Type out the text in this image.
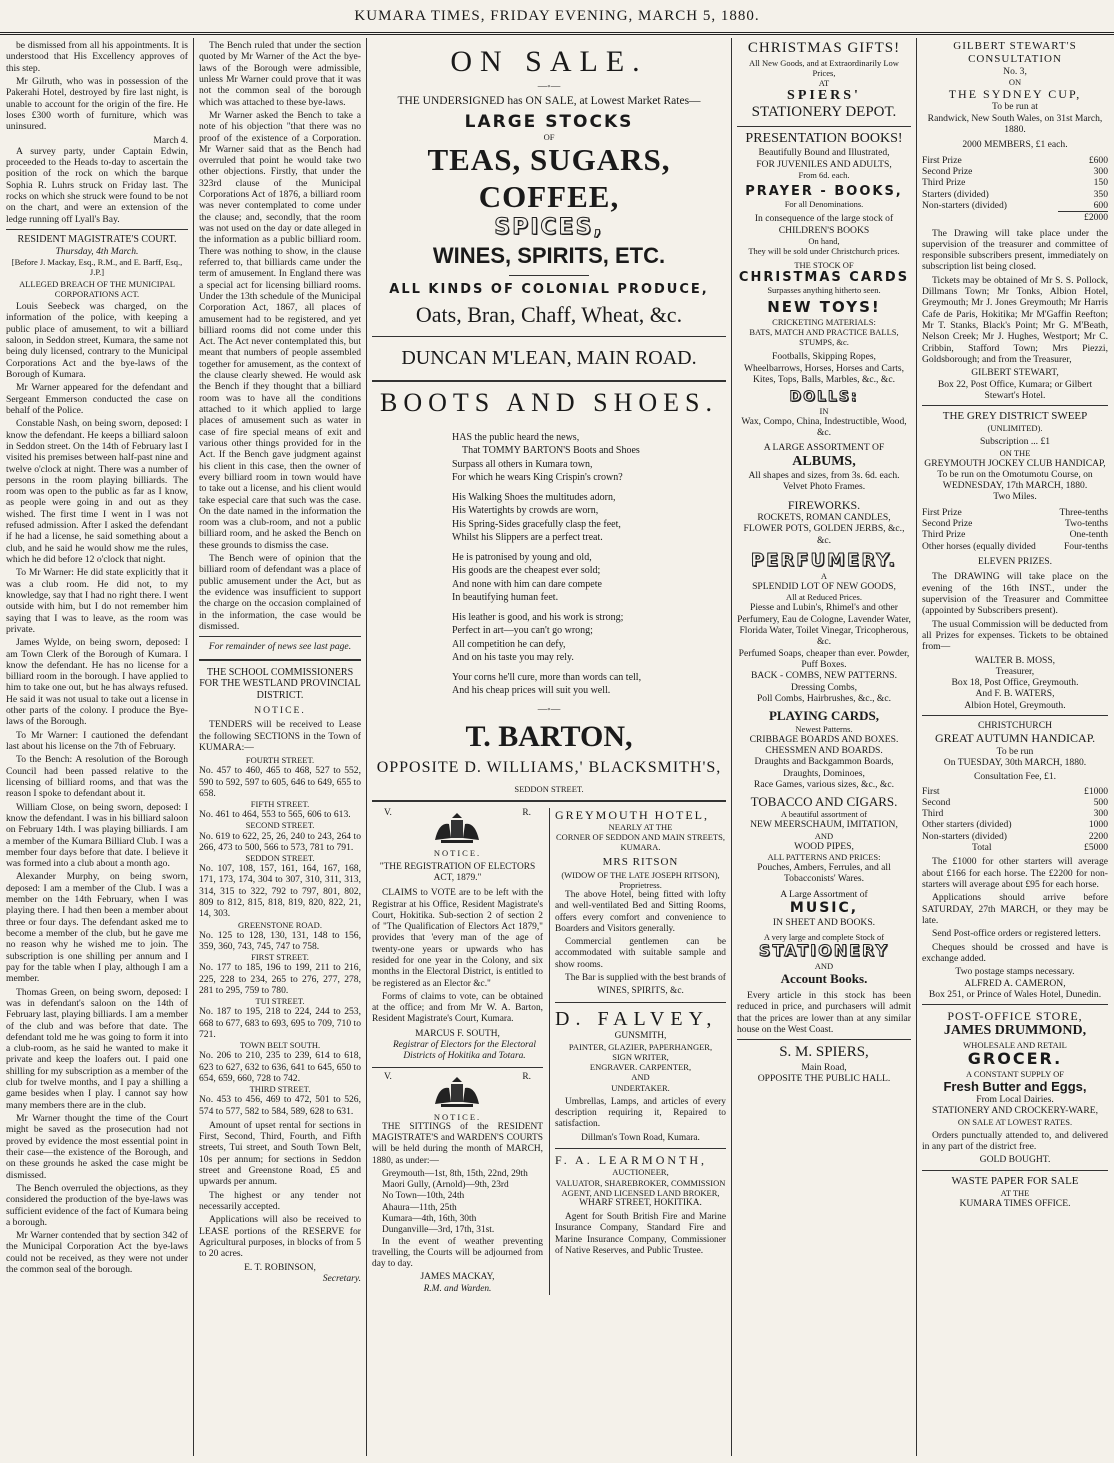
KUMARA TIMES, FRIDAY EVENING, MARCH 5, 1880.

be dismissed from all his appointments. It is understood that His Excellency approves of this step.

Mr Gilruth, who was in possession of the Pakerahi Hotel, destroyed by fire last night, is unable to account for the origin of the fire. He loses £300 worth of furniture, which was uninsured.

March 4.

A survey party, under Captain Edwin, proceeded to the Heads to-day to ascertain the position of the rock on which the barque Sophia R. Luhrs struck on Friday last. The rocks on which she struck were found to be not on the chart, and were an extension of the ledge running off Lyall's Bay.

RESIDENT MAGISTRATE'S COURT.
Thursday, 4th March.
[Before J. Mackay, Esq., R.M., and E. Barff, Esq., J.P.]
ALLEGED BREACH OF THE MUNICIPAL CORPORATIONS ACT.

Louis Seebeck was charged, on the information of the police, with keeping a public place of amusement, to wit a billiard saloon, in Seddon street, Kumara, the same not being duly licensed, contrary to the Municipal Corporations Act and the bye-laws of the Borough of Kumara.

Mr Warner appeared for the defendant and Sergeant Emmerson conducted the case on behalf of the Police.

Constable Nash, on being sworn, deposed: I know the defendant. He keeps a billiard saloon in Seddon street. On the 14th of February last I visited his premises between half-past nine and twelve o'clock at night. There was a number of persons in the room playing billiards. The room was open to the public as far as I know, as people were going in and out as they wished. The first time I went in I was not refused admission. After I asked the defendant if he had a license, he said something about a club, and he said he would show me the rules, which he did before 12 o'clock that night.

To Mr Warner: He did state explicitly that it was a club room. He did not, to my knowledge, say that I had no right there. I went outside with him, but I do not remember him saying that I was to leave, as the room was private.

James Wylde, on being sworn, deposed: I am Town Clerk of the Borough of Kumara. I know the defendant. He has no license for a billiard room in the borough. I have applied to him to take one out, but he has always refused. He said it was not usual to take out a license in other parts of the colony. I produce the Bye-laws of the Borough.

To Mr Warner: I cautioned the defendant last about his license on the 7th of February.

To the Bench: A resolution of the Borough Council had been passed relative to the licensing of billiard rooms, and that was the reason I spoke to defendant about it.

William Close, on being sworn, deposed: I know the defendant. I was in his billiard saloon on February 14th. I was playing billiards. I am a member of the Kumara Billiard Club. I was a member four days before that date. I believe it was formed into a club about a month ago.

Alexander Murphy, on being sworn, deposed: I am a member of the Club. I was a member on the 14th February, when I was playing there. I had then been a member about three or four days. The defendant asked me to become a member of the club, but he gave me no reason why he wished me to join. The subscription is one shilling per annum and I pay for the table when I play, although I am a member.

Thomas Green, on being sworn, deposed: I was in defendant's saloon on the 14th of February last, playing billiards. I am a member of the club and was before that date. The defendant told me he was going to form it into a club-room, as he said he wanted to make it private and keep the loafers out. I paid one shilling for my subscription as a member of the club for twelve months, and I pay a shilling a game besides when I play. I cannot say how many members there are in the club.

Mr Warner thought the time of the Court might be saved as the prosecution had not proved by evidence the most essential point in their case—the existence of the Borough, and on these grounds he asked the case might be dismissed.

The Bench overruled the objections, as they considered the production of the bye-laws was sufficient evidence of the fact of Kumara being a borough.

Mr Warner contended that by section 342 of the Municipal Corporation Act the bye-laws could not be received, as they were not under the common seal of the borough.

The Bench ruled that under the section quoted by Mr Warner of the Act the bye-laws of the Borough were admissible, unless Mr Warner could prove that it was not the common seal of the borough which was attached to these bye-laws.

Mr Warner asked the Bench to take a note of his objection "that there was no proof of the existence of a Corporation. Mr Warner said that as the Bench had overruled that point he would take two other objections. Firstly, that under the 323rd clause of the Municipal Corporations Act of 1876, a billiard room was never contemplated to come under the clause; and, secondly, that the room was not used on the day or date alleged in the information as a public billiard room. There was nothing to show, in the clause referred to, that billiards came under the term of amusement. In England there was a special act for licensing billiard rooms. Under the 13th schedule of the Municipal Corporation Act, 1867, all places of amusement had to be registered, and yet billiard rooms did not come under this Act. The Act never contemplated this, but meant that numbers of people assembled together for amusement, as the context of the clause clearly shewed. He would ask the Bench if they thought that a billiard room was to have all the conditions attached to it which applied to large places of amusement such as water in case of fire special means of exit and various other things provided for in the Act. If the Bench gave judgment against his client in this case, then the owner of every billiard room in town would have to take out a license, and his client would take especial care that such was the case. On the date named in the information the room was a club-room, and not a public billiard room, and he asked the Bench on these grounds to dismiss the case.

The Bench were of opinion that the billiard room of defendant was a place of public amusement under the Act, but as the evidence was insufficient to support the charge on the occasion complained of in the information, the case would be dismissed.

For remainder of news see last page.
THE SCHOOL COMMISSIONERS FOR THE WESTLAND PROVINCIAL DISTRICT.
NOTICE.

TENDERS will be received to Lease the following SECTIONS in the Town of KUMARA:—

FOURTH STREET.
No. 457 to 460, 465 to 468, 527 to 552, 590 to 592, 597 to 605, 646 to 649, 655 to 658.
FIFTH STREET.
No. 461 to 464, 553 to 565, 606 to 613.
SECOND STREET.
No. 619 to 622, 25, 26, 240 to 243, 264 to 266, 473 to 500, 566 to 573, 781 to 791.
SEDDON STREET.
No. 107, 108, 157, 161, 164, 167, 168, 171, 173, 174, 304 to 307, 310, 311, 313, 314, 315 to 322, 792 to 797, 801, 802, 809 to 812, 815, 818, 819, 820, 822, 21, 14, 303.
GREENSTONE ROAD.
No. 125 to 128, 130, 131, 148 to 156, 359, 360, 743, 745, 747 to 758.
FIRST STREET.
No. 177 to 185, 196 to 199, 211 to 216, 225, 228 to 234, 265 to 276, 277, 278, 281 to 295, 759 to 780.
TUI STREET.
No. 187 to 195, 218 to 224, 244 to 253, 668 to 677, 683 to 693, 695 to 709, 710 to 721.
TOWN BELT SOUTH.
No. 206 to 210, 235 to 239, 614 to 618, 623 to 627, 632 to 636, 641 to 645, 650 to 654, 659, 660, 728 to 742.
THIRD STREET.
No. 453 to 456, 469 to 472, 501 to 526, 574 to 577, 582 to 584, 589, 628 to 631.

Amount of upset rental for sections in First, Second, Third, Fourth, and Fifth streets, Tui street, and South Town Belt, 10s per annum; for sections in Seddon street and Greenstone Road, £5 and upwards per annum.

The highest or any tender not necessarily accepted.

Applications will also be received to LEASE portions of the RESERVE for Agricultural purposes, in blocks of from 5 to 20 acres.

E. T. ROBINSON,
Secretary.
ON SALE.
—◦—
THE UNDERSIGNED has ON SALE, at Lowest Market Rates—
LARGE STOCKS
OF
TEAS, SUGARS, COFFEE,
SPICES,
WINES, SPIRITS, ETC.
ALL KINDS OF COLONIAL PRODUCE,
Oats, Bran, Chaff, Wheat, &c.
DUNCAN M'LEAN, MAIN ROAD.
BOOTS AND SHOES.
HAS the public heard the news,
That TOMMY BARTON'S Boots and Shoes
Surpass all others in Kumara town,
For which he wears King Crispin's crown?
His Walking Shoes the multitudes adorn,
His Watertights by crowds are worn,
His Spring-Sides gracefully clasp the feet,
Whilst his Slippers are a perfect treat.
He is patronised by young and old,
His goods are the cheapest ever sold;
And none with him can dare compete
In beautifying human feet.
His leather is good, and his work is strong;
Perfect in art—you can't go wrong;
All competition he can defy,
And on his taste you may rely.
Your corns he'll cure, more than words can tell,
And his cheap prices will suit you well.
—◦—
T. BARTON,
OPPOSITE D. WILLIAMS,' BLACKSMITH'S,
SEDDON STREET.
V.	R.
NOTICE.
"THE REGISTRATION OF ELECTORS ACT, 1879."

CLAIMS to VOTE are to be left with the Registrar at his Office, Resident Magistrate's Court, Hokitika. Sub-section 2 of section 2 of "The Qualification of Electors Act 1879," provides that 'every man of the age of twenty-one years or upwards who has resided for one year in the Colony, and six months in the Electoral District, is entitled to be registered as an Elector &c."

Forms of claims to vote, can be obtained at the office; and from Mr W. A. Barton, Resident Magistrate's Court, Kumara.

MARCUS F. SOUTH,
Registrar of Electors for the Electoral Districts of Hokitika and Totara.
V.	R.
NOTICE.

THE SITTINGS of the RESIDENT MAGISTRATE'S and WARDEN'S COURTS will be held during the month of MARCH, 1880, as under:—

Greymouth—1st, 8th, 15th, 22nd, 29th
Maori Gully, (Arnold)—9th, 23rd
No Town—10th, 24th
Ahaura—11th, 25th
Kumara—4th, 16th, 30th
Dunganville—3rd, 17th, 31st.

In the event of weather preventing travelling, the Courts will be adjourned from day to day.

JAMES MACKAY,
R.M. and Warden.
GREYMOUTH HOTEL,
NEARLY AT THE
CORNER OF SEDDON AND MAIN STREETS, KUMARA.
MRS RITSON
(WIDOW OF THE LATE JOSEPH RITSON), Proprietress.

The above Hotel, being fitted with lofty and well-ventilated Bed and Sitting Rooms, offers every comfort and convenience to Boarders and Visitors generally.

Commercial gentlemen can be accommodated with suitable sample and show rooms.

The Bar is supplied with the best brands of

WINES, SPIRITS, &c.
D. FALVEY,
GUNSMITH,
PAINTER, GLAZIER, PAPERHANGER,
SIGN WRITER,
ENGRAVER. CARPENTER,
AND
UNDERTAKER.

Umbrellas, Lamps, and articles of every description requiring it, Repaired to satisfaction.

Dillman's Town Road, Kumara.
F. A. LEARMONTH,
AUCTIONEER,
VALUATOR, SHAREBROKER, COMMISSION AGENT, AND LICENSED LAND BROKER,
WHARF STREET, HOKITIKA.

Agent for South British Fire and Marine Insurance Company, Standard Fire and Marine Insurance Company, Commissioner of Native Reserves, and Public Trustee.

CHRISTMAS GIFTS!
All New Goods, and at Extraordinarily Low Prices,
AT
SPIERS'
STATIONERY DEPOT.
PRESENTATION BOOKS!
Beautifully Bound and Illustrated,
FOR JUVENILES AND ADULTS,
From 6d. each.
PRAYER - BOOKS,
For all Denominations.
In consequence of the large stock of
CHILDREN'S BOOKS
On hand,
They will be sold under Christchurch prices.
THE STOCK OF
CHRISTMAS CARDS
Surpasses anything hitherto seen.
NEW TOYS!
CRICKETING MATERIALS:
BATS, MATCH AND PRACTICE BALLS, STUMPS, &c.
Footballs, Skipping Ropes,
Wheelbarrows, Horses, Horses and Carts,
Kites, Tops, Balls, Marbles, &c., &c.
DOLLS:
IN
Wax, Compo, China, Indestructible, Wood, &c.
A LARGE ASSORTMENT OF
ALBUMS,
All shapes and sizes, from 3s. 6d. each. Velvet Photo Frames.
FIREWORKS.
ROCKETS, ROMAN CANDLES, FLOWER POTS, GOLDEN JERBS, &c., &c.
PERFUMERY.
A
SPLENDID LOT OF NEW GOODS,
All at Reduced Prices.
Piesse and Lubin's, Rhimel's and other Perfumery, Eau de Cologne, Lavender Water, Florida Water, Toilet Vinegar, Tricopherous, &c.
Perfumed Soaps, cheaper than ever. Powder, Puff Boxes.
BACK - COMBS, NEW PATTERNS.
Dressing Combs,
Poll Combs, Hairbrushes, &c., &c.
PLAYING CARDS,
Newest Patterns.
CRIBBAGE BOARDS AND BOXES.
CHESSMEN AND BOARDS.
Draughts and Backgammon Boards, Draughts, Dominoes,
Race Games, various sizes, &c., &c.
TOBACCO AND CIGARS.
A beautiful assortment of
NEW MEERSCHAUM, IMITATION,
AND
WOOD PIPES,
ALL PATTERNS AND PRICES:
Pouches, Ambers, Ferrules, and all Tobacconists' Wares.
A Large Assortment of
MUSIC,
IN SHEET AND BOOKS.
A very large and complete Stock of
STATIONERY
AND
Account Books.

Every article in this stock has been reduced in price, and purchasers will admit that the prices are lower than at any similar house on the West Coast.

S. M. SPIERS,
Main Road,
OPPOSITE THE PUBLIC HALL.
GILBERT STEWART'S CONSULTATION
No. 3,
ON
THE SYDNEY CUP,
To be run at
Randwick, New South Wales, on 31st March, 1880.
2000 MEMBERS, £1 each.
First Prize	£600
Second Prize	300
Third Prize	150
Starters (divided)	350
Non-starters (divided)	600
£2000

The Drawing will take place under the supervision of the treasurer and committee of responsible subscribers present, immediately on subscription list being closed.

Tickets may be obtained of Mr S. S. Pollock, Dillmans Town; Mr Tonks, Albion Hotel, Greymouth; Mr J. Jones Greymouth; Mr Harris Cafe de Paris, Hokitika; Mr M'Gaffin Reefton; Mr T. Stanks, Black's Point; Mr G. M'Beath, Nelson Creek; Mr J. Hughes, Westport; Mr C. Cribbin, Stafford Town; Mrs Piezzi, Goldsborough; and from the Treasurer,

GILBERT STEWART,
Box 22, Post Office, Kumara; or Gilbert Stewart's Hotel.
THE GREY DISTRICT SWEEP
(UNLIMITED).
Subscription ... £1
ON THE
GREYMOUTH JOCKEY CLUB HANDICAP,
To be run on the Omotumotu Course, on
WEDNESDAY, 17th MARCH, 1880.
Two Miles.
First Prize	Three-tenths
Second Prize	Two-tenths
Third Prize	One-tenth
Other horses (equally divided	Four-tenths
ELEVEN PRIZES.

The DRAWING will take place on the evening of the 16th INST., under the supervision of the Treasurer and Committee (appointed by Subscribers present).

The usual Commission will be deducted from all Prizes for expenses. Tickets to be obtained from—

WALTER B. MOSS,
Treasurer,
Box 18, Post Office, Greymouth.
And F. B. WATERS,
Albion Hotel, Greymouth.
CHRISTCHURCH
GREAT AUTUMN HANDICAP.
To be run
On TUESDAY, 30th MARCH, 1880.
Consultation Fee, £1.
First	£1000
Second	500
Third	300
Other starters (divided)	1000
Non-starters (divided)	2200
Total	£5000

The £1000 for other starters will average about £166 for each horse. The £2200 for non-starters will average about £95 for each horse.

Applications should arrive before SATURDAY, 27th MARCH, or they may be late.

Send Post-office orders or registered letters.

Cheques should be crossed and have is exchange added.

Two postage stamps necessary.
ALFRED A. CAMERON,
Box 251, or Prince of Wales Hotel, Dunedin.
POST-OFFICE STORE,
JAMES DRUMMOND,
WHOLESALE AND RETAIL
GROCER.
A CONSTANT SUPPLY OF
Fresh Butter and Eggs,
From Local Dairies.
STATIONERY AND CROCKERY-WARE,
ON SALE AT LOWEST RATES.

Orders punctually attended to, and delivered in any part of the district free.

GOLD BOUGHT.
WASTE PAPER FOR SALE
AT THE
KUMARA TIMES OFFICE.
